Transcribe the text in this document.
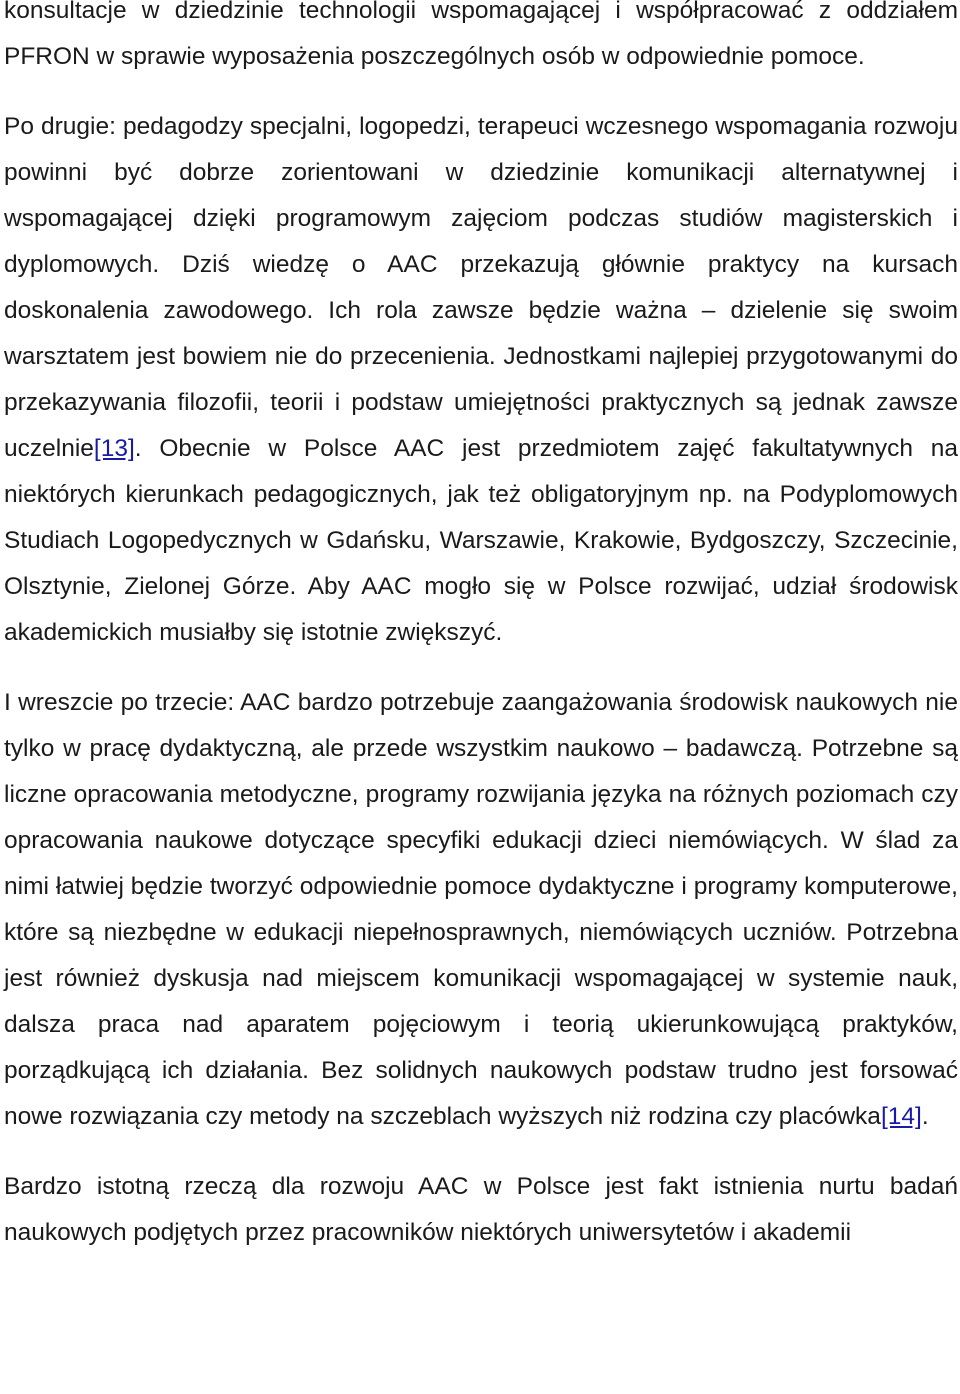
konsultacje w dziedzinie technologii wspomagającej i współpracować z oddziałem PFRON w sprawie wyposażenia poszczególnych osób w odpowiednie pomoce.

Po drugie: pedagodzy specjalni, logopedzi, terapeuci wczesnego wspomagania rozwoju powinni być dobrze zorientowani w dziedzinie komunikacji alternatywnej i wspomagającej dzięki programowym zajęciom podczas studiów magisterskich i dyplomowych. Dziś wiedzę o AAC przekazują głównie praktycy na kursach doskonalenia zawodowego. Ich rola zawsze będzie ważna – dzielenie się swoim warsztatem jest bowiem nie do przecenienia. Jednostkami najlepiej przygotowanymi do przekazywania filozofii, teorii i podstaw umiejętności praktycznych są jednak zawsze uczelnie[13]. Obecnie w Polsce AAC jest przedmiotem zajęć fakultatywnych na niektórych kierunkach pedagogicznych, jak też obligatoryjnym np. na Podyplomowych Studiach Logopedycznych w Gdańsku, Warszawie, Krakowie, Bydgoszczy, Szczecinie, Olsztynie, Zielonej Górze. Aby AAC mogło się w Polsce rozwijać, udział środowisk akademickich musiałby się istotnie zwiększyć.

I wreszcie po trzecie: AAC bardzo potrzebuje zaangażowania środowisk naukowych nie tylko w pracę dydaktyczną, ale przede wszystkim naukowo – badawczą. Potrzebne są liczne opracowania metodyczne, programy rozwijania języka na różnych poziomach czy opracowania naukowe dotyczące specyfiki edukacji dzieci niemówiących. W ślad za nimi łatwiej będzie tworzyć odpowiednie pomoce dydaktyczne i programy komputerowe, które są niezbędne w edukacji niepełnosprawnych, niemówiących uczniów. Potrzebna jest również dyskusja nad miejscem komunikacji wspomagającej w systemie nauk, dalsza praca nad aparatem pojęciowym i teorią ukierunkowującą praktyków, porządkującą ich działania. Bez solidnych naukowych podstaw trudno jest forsować nowe rozwiązania czy metody na szczeblach wyższych niż rodzina czy placówka[14].

Bardzo istotną rzeczą dla rozwoju AAC w Polsce jest fakt istnienia nurtu badań naukowych podjętych przez pracowników niektórych uniwersytetów i akademii
